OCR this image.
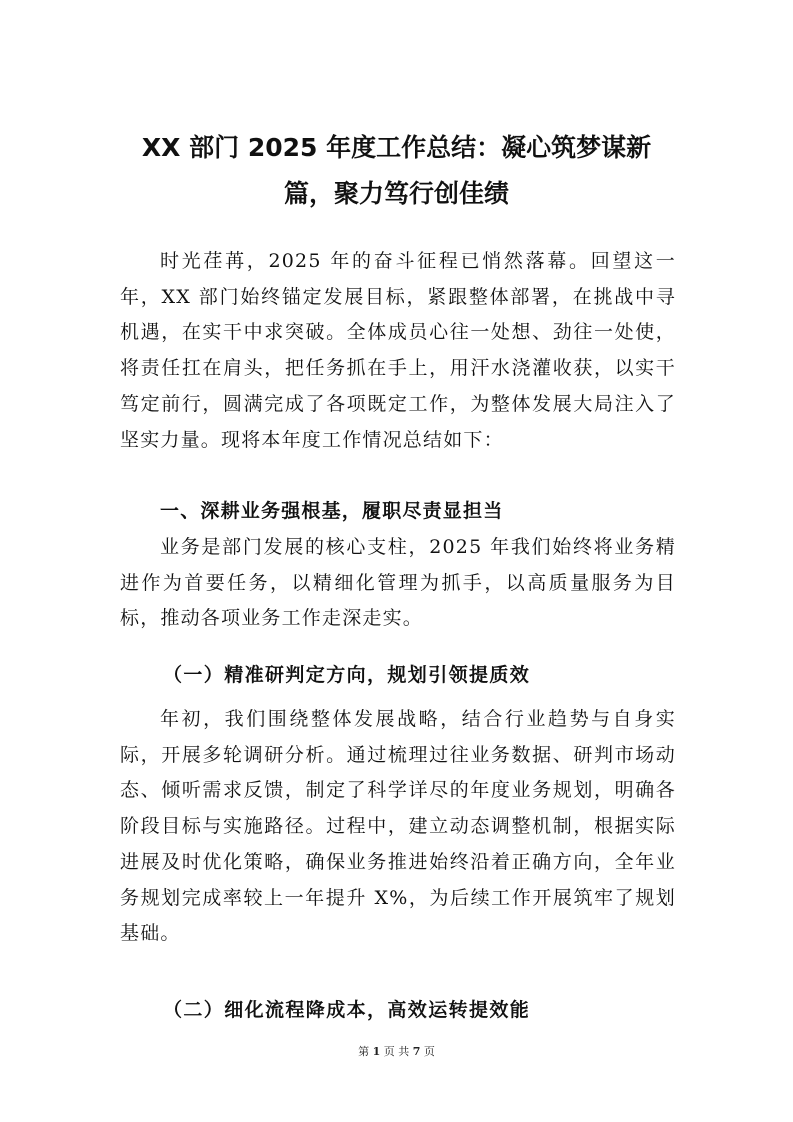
XX 部门 2025 年度工作总结：凝心筑梦谋新
篇，聚力笃行创佳绩

时光荏苒，2025 年的奋斗征程已悄然落幕。回望这一年，XX 部门始终锚定发展目标，紧跟整体部署，在挑战中寻机遇，在实干中求突破。全体成员心往一处想、劲往一处使，将责任扛在肩头，把任务抓在手上，用汗水浇灌收获，以实干笃定前行，圆满完成了各项既定工作，为整体发展大局注入了坚实力量。现将本年度工作情况总结如下：

一、深耕业务强根基，履职尽责显担当

业务是部门发展的核心支柱，2025 年我们始终将业务精进作为首要任务，以精细化管理为抓手，以高质量服务为目标，推动各项业务工作走深走实。

（一）精准研判定方向，规划引领提质效

年初，我们围绕整体发展战略，结合行业趋势与自身实际，开展多轮调研分析。通过梳理过往业务数据、研判市场动态、倾听需求反馈，制定了科学详尽的年度业务规划，明确各阶段目标与实施路径。过程中，建立动态调整机制，根据实际进展及时优化策略，确保业务推进始终沿着正确方向，全年业务规划完成率较上一年提升 X%，为后续工作开展筑牢了规划基础。

（二）细化流程降成本，高效运转提效能
第 1 页 共 7 页
